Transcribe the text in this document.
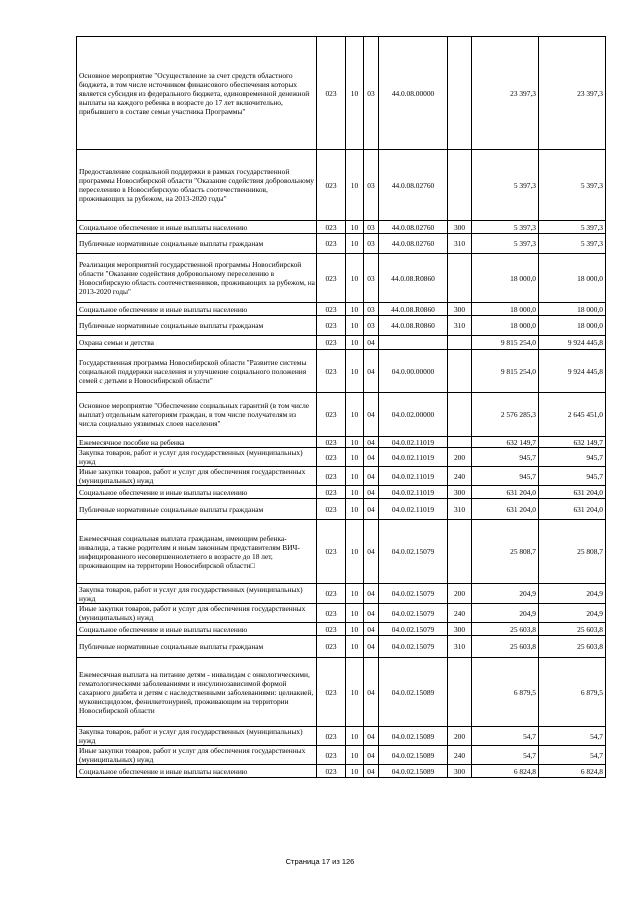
Основное мероприятие "Осуществление за счет средств областного бюджета, в том числе источником финансового обеспечения которых является субсидия из федерального бюджета, единовременной денежной выплаты на каждого ребенка в возрасте до 17 лет включительно, прибывшего в составе семьи участника Программы"	023	10	03	44.0.08.00000		23 397,3	23 397,3
Предоставление социальной поддержки в рамках государственной программы Новосибирской области "Оказание содействия добровольному переселению в Новосибирскую область соотечественников, проживающих за рубежом, на 2013-2020 годы"	023	10	03	44.0.08.02760		5 397,3	5 397,3
Социальное обеспечение и иные выплаты населению	023	10	03	44.0.08.02760	300	5 397,3	5 397,3
Публичные нормативные социальные выплаты гражданам	023	10	03	44.0.08.02760	310	5 397,3	5 397,3
Реализация мероприятий государственной программы Новосибирской области "Оказание содействия добровольному переселению в Новосибирскую область соотечественников, проживающих за рубежом, на 2013-2020 годы"	023	10	03	44.0.08.R0860		18 000,0	18 000,0
Социальное обеспечение и иные выплаты населению	023	10	03	44.0.08.R0860	300	18 000,0	18 000,0
Публичные нормативные социальные выплаты гражданам	023	10	03	44.0.08.R0860	310	18 000,0	18 000,0
Охрана семьи и детства	023	10	04			9 815 254,0	9 924 445,8
Государственная программа Новосибирской области "Развитие системы социальной поддержки населения и улучшение социального положения семей с детьми в Новосибирской области"	023	10	04	04.0.00.00000		9 815 254,0	9 924 445,8
Основное мероприятие "Обеспечение социальных гарантий (в том числе выплат) отдельным категориям граждан, в том числе получателям из числа социально уязвимых слоев населения"	023	10	04	04.0.02.00000		2 576 285,3	2 645 451,0
Ежемесячное пособие на ребенка	023	10	04	04.0.02.11019		632 149,7	632 149,7
Закупка товаров, работ и услуг для государственных (муниципальных) нужд	023	10	04	04.0.02.11019	200	945,7	945,7
Иные закупки товаров, работ и услуг для обеспечения государственных (муниципальных) нужд	023	10	04	04.0.02.11019	240	945,7	945,7
Социальное обеспечение и иные выплаты населению	023	10	04	04.0.02.11019	300	631 204,0	631 204,0
Публичные нормативные социальные выплаты гражданам	023	10	04	04.0.02.11019	310	631 204,0	631 204,0
Ежемесячная социальная выплата гражданам, имеющим ребенка-инвалида, а также родителям и иным законным представителям ВИЧ-инфицированного несовершеннолетнего в возрасте до 18 лет, проживающим на территории Новосибирской области□	023	10	04	04.0.02.15079		25 808,7	25 808,7
Закупка товаров, работ и услуг для государственных (муниципальных) нужд	023	10	04	04.0.02.15079	200	204,9	204,9
Иные закупки товаров, работ и услуг для обеспечения государственных (муниципальных) нужд	023	10	04	04.0.02.15079	240	204,9	204,9
Социальное обеспечение и иные выплаты населению	023	10	04	04.0.02.15079	300	25 603,8	25 603,8
Публичные нормативные социальные выплаты гражданам	023	10	04	04.0.02.15079	310	25 603,8	25 603,8
Ежемесячная выплата на питание детям - инвалидам с онкологическими, гематологическими заболеваниями и инсулинозависимой формой сахарного диабета и детям с наследственными заболеваниями: целиакией, муковисцидозом, фенилкетонурией, проживающим на территории Новосибирской области	023	10	04	04.0.02.15089		6 879,5	6 879,5
Закупка товаров, работ и услуг для государственных (муниципальных) нужд	023	10	04	04.0.02.15089	200	54,7	54,7
Иные закупки товаров, работ и услуг для обеспечения государственных (муниципальных) нужд	023	10	04	04.0.02.15089	240	54,7	54,7
Социальное обеспечение и иные выплаты населению	023	10	04	04.0.02.15089	300	6 824,8	6 824,8
Страница 17 из 126
